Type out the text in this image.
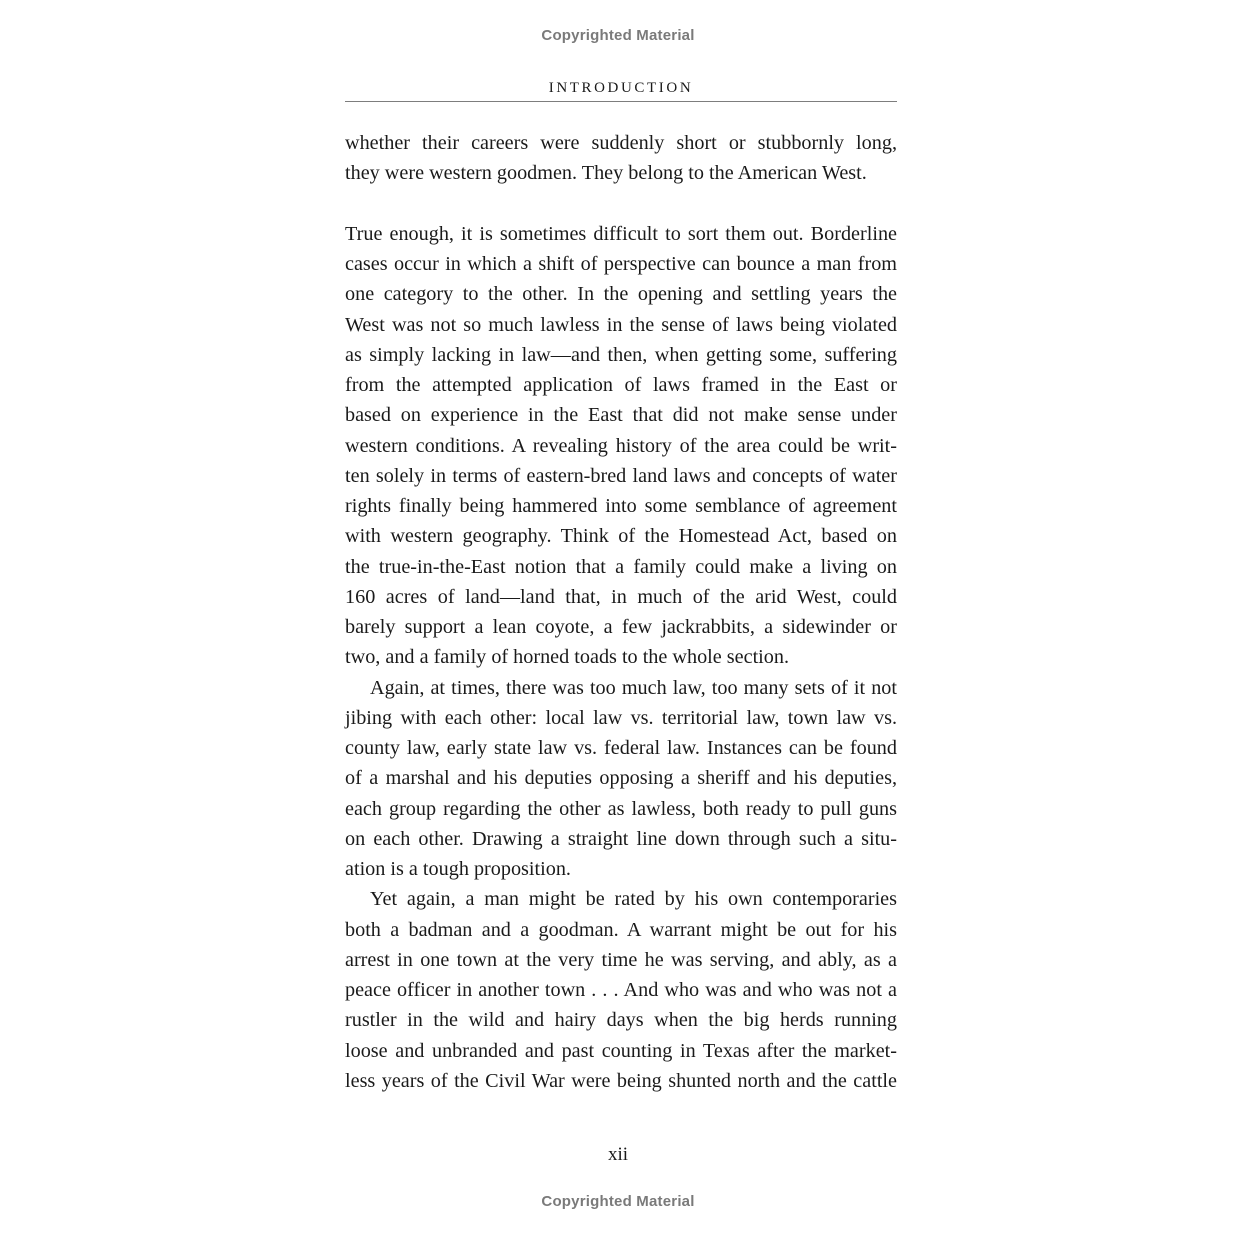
Copyrighted Material
INTRODUCTION
whether their careers were suddenly short or stubbornly long,
they were western goodmen. They belong to the American West.
True enough, it is sometimes difficult to sort them out. Borderline
cases occur in which a shift of perspective can bounce a man from
one category to the other. In the opening and settling years the
West was not so much lawless in the sense of laws being violated
as simply lacking in law—and then, when getting some, suffering
from the attempted application of laws framed in the East or
based on experience in the East that did not make sense under
western conditions. A revealing history of the area could be writ-
ten solely in terms of eastern-bred land laws and concepts of water
rights finally being hammered into some semblance of agreement
with western geography. Think of the Homestead Act, based on
the true-in-the-East notion that a family could make a living on
160 acres of land—land that, in much of the arid West, could
barely support a lean coyote, a few jackrabbits, a sidewinder or
two, and a family of horned toads to the whole section.
Again, at times, there was too much law, too many sets of it not
jibing with each other: local law vs. territorial law, town law vs.
county law, early state law vs. federal law. Instances can be found
of a marshal and his deputies opposing a sheriff and his deputies,
each group regarding the other as lawless, both ready to pull guns
on each other. Drawing a straight line down through such a situ-
ation is a tough proposition.
Yet again, a man might be rated by his own contemporaries
both a badman and a goodman. A warrant might be out for his
arrest in one town at the very time he was serving, and ably, as a
peace officer in another town . . . And who was and who was not a
rustler in the wild and hairy days when the big herds running
loose and unbranded and past counting in Texas after the market-
less years of the Civil War were being shunted north and the cattle
xii
Copyrighted Material
